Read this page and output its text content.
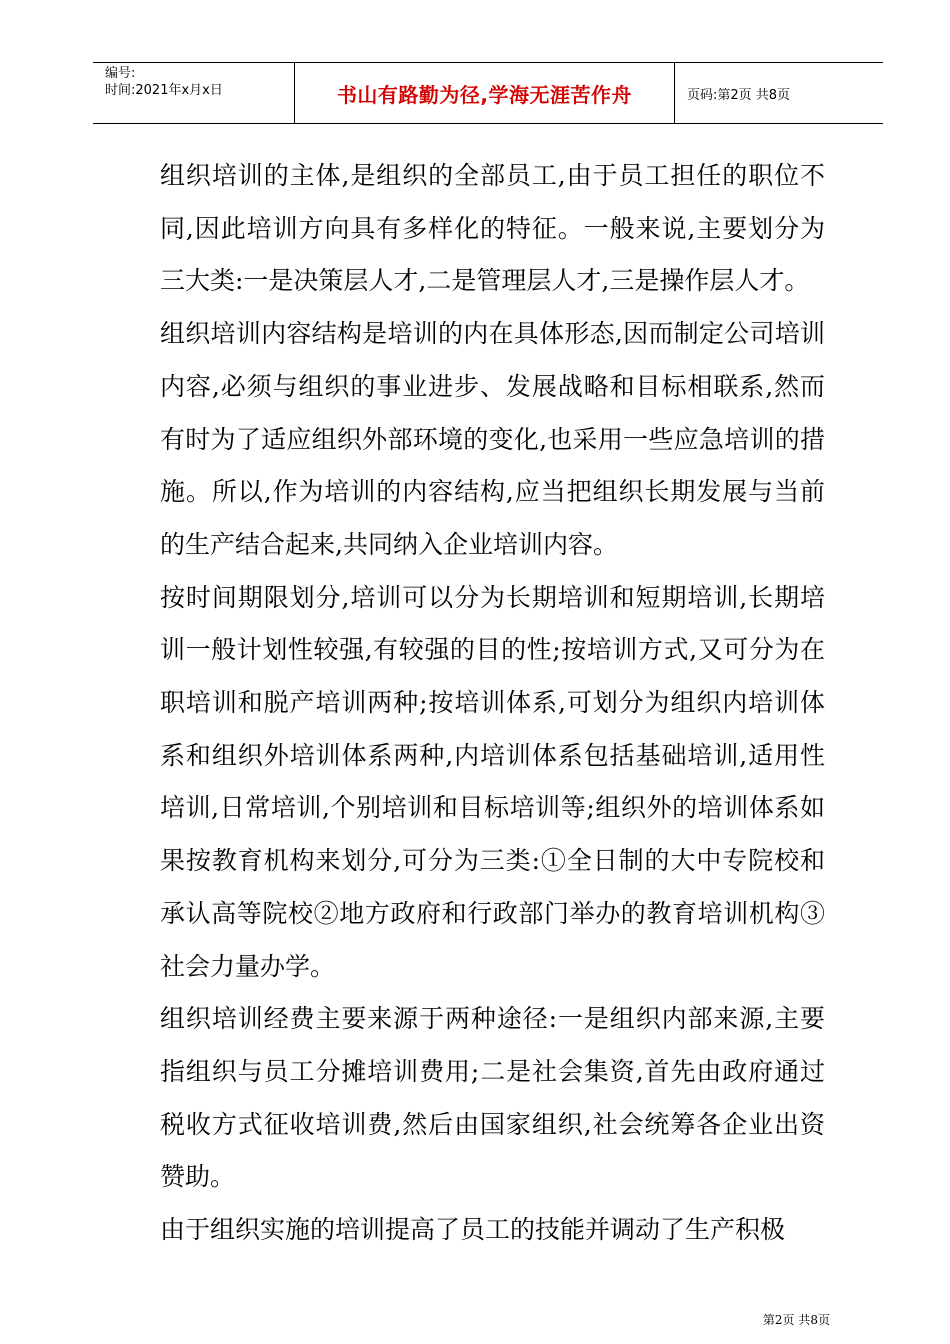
编号:
时间:2021年x月x日	书山有路勤为径,学海无涯苦作舟	页码:第2页 共8页

组织培训的主体,是组织的全部员工,由于员工担任的职位不同,因此培训方向具有多样化的特征。一般来说,主要划分为三大类:一是决策层人才,二是管理层人才,三是操作层人才。

组织培训内容结构是培训的内在具体形态,因而制定公司培训内容,必须与组织的事业进步、发展战略和目标相联系,然而有时为了适应组织外部环境的变化,也采用一些应急培训的措施。所以,作为培训的内容结构,应当把组织长期发展与当前的生产结合起来,共同纳入企业培训内容。

按时间期限划分,培训可以分为长期培训和短期培训,长期培训一般计划性较强,有较强的目的性;按培训方式,又可分为在职培训和脱产培训两种;按培训体系,可划分为组织内培训体系和组织外培训体系两种,内培训体系包括基础培训,适用性培训,日常培训,个别培训和目标培训等;组织外的培训体系如果按教育机构来划分,可分为三类:①全日制的大中专院校和承认高等院校②地方政府和行政部门举办的教育培训机构③社会力量办学。

组织培训经费主要来源于两种途径:一是组织内部来源,主要指组织与员工分摊培训费用;二是社会集资,首先由政府通过税收方式征收培训费,然后由国家组织,社会统筹各企业出资赞助。

由于组织实施的培训提高了员工的技能并调动了生产积极

第2页 共8页
